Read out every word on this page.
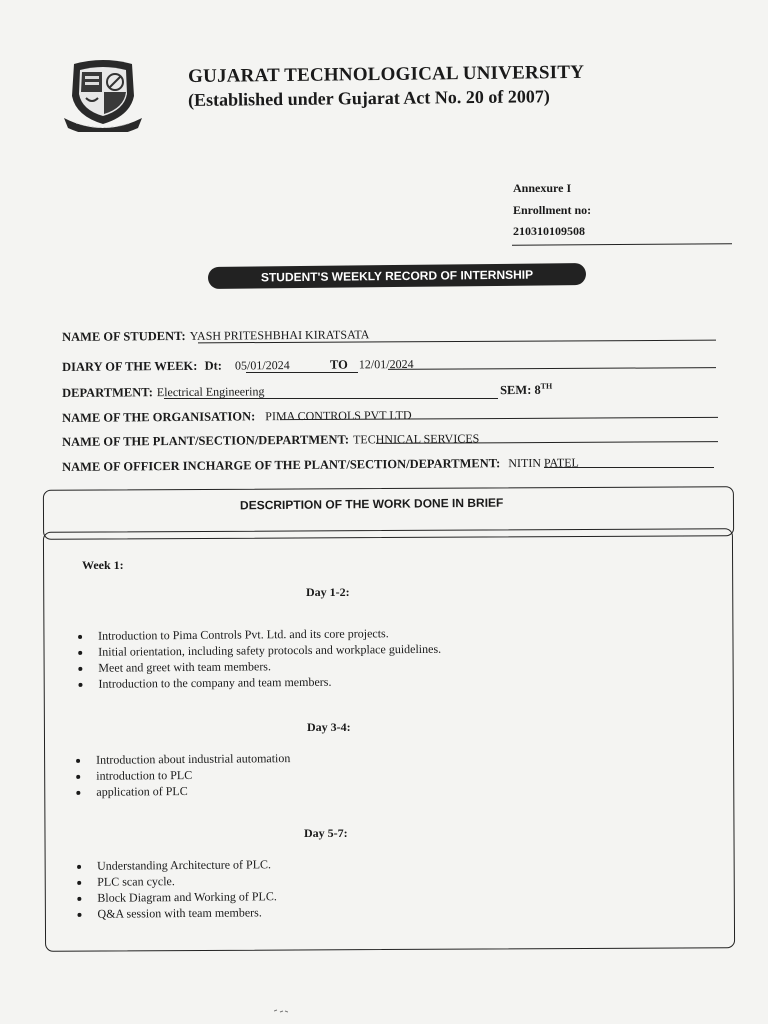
GUJARAT TECHNOLOGICAL UNIVERSITY
(Established under Gujarat Act No. 20 of 2007)
Annexure I
Enrollment no:
210310109508
STUDENT'S WEEKLY RECORD OF INTERNSHIP
NAME OF STUDENT: YASH PRITESHBHAI KIRATSATA
DIARY OF THE WEEK: Dt: 05/01/2024	TO 12/01/2024
DEPARTMENT: Electrical Engineering	SEM: 8TH
NAME OF THE ORGANISATION: PIMA CONTROLS PVT LTD
NAME OF THE PLANT/SECTION/DEPARTMENT: TECHNICAL SERVICES
NAME OF OFFICER INCHARGE OF THE PLANT/SECTION/DEPARTMENT: NITIN PATEL
DESCRIPTION OF THE WORK DONE IN BRIEF
Week 1:
Day 1-2:
• Introduction to Pima Controls Pvt. Ltd. and its core projects.
• Initial orientation, including safety protocols and workplace guidelines.
• Meet and greet with team members.
• Introduction to the company and team members.
Day 3-4:
• Introduction about industrial automation
• introduction to PLC
• application of PLC
Day 5-7:
• Understanding Architecture of PLC.
• PLC scan cycle.
• Block Diagram and Working of PLC.
• Q&A session with team members.
